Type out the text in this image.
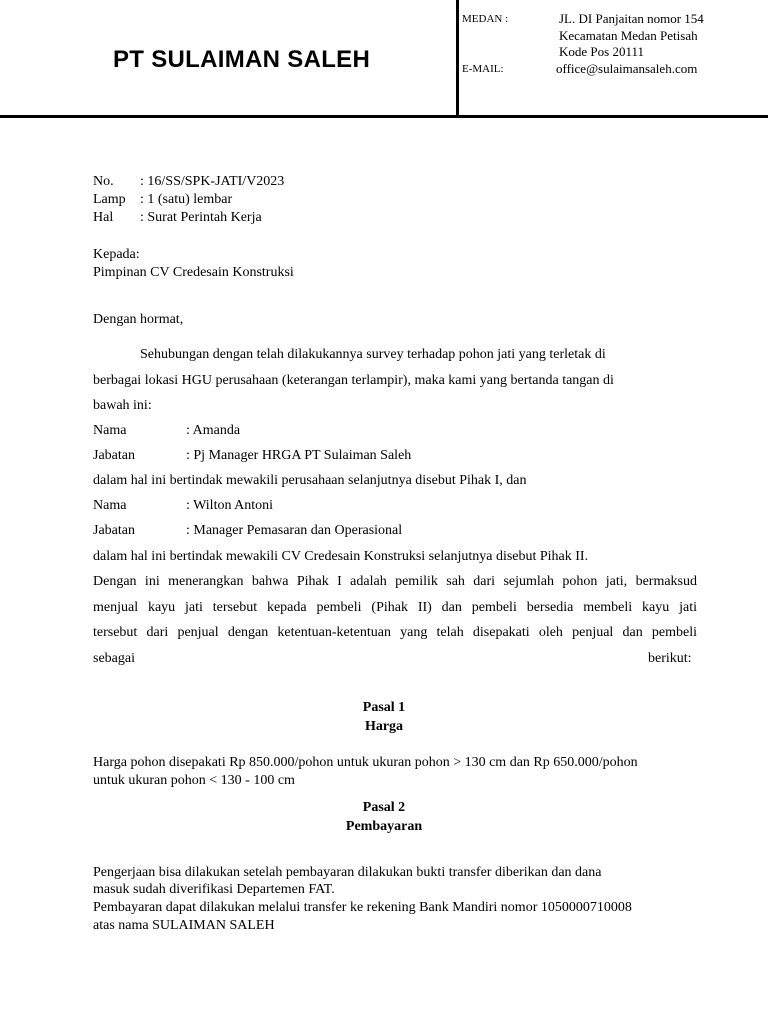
PT SULAIMAN SALEH
MEDAN :	JL. DI Panjaitan nomor 154
Kecamatan Medan Petisah
Kode Pos 20111
E-MAIL:	office@sulaimansaleh.com
No. : 16/SS/SPK-JATI/V2023
Lamp : 1 (satu) lembar
Hal : Surat Perintah Kerja
Kepada:
Pimpinan CV Credesain Konstruksi
Dengan hormat,
Sehubungan dengan telah dilakukannya survey terhadap pohon jati yang terletak di
berbagai lokasi HGU perusahaan (keterangan terlampir), maka kami yang bertanda tangan di
bawah ini:
Nama	: Amanda
Jabatan	: Pj Manager HRGA PT Sulaiman Saleh
dalam hal ini bertindak mewakili perusahaan selanjutnya disebut Pihak I, dan
Nama	: Wilton Antoni
Jabatan	: Manager Pemasaran dan Operasional
dalam hal ini bertindak mewakili CV Credesain Konstruksi selanjutnya disebut Pihak II.
Dengan ini menerangkan bahwa Pihak I adalah pemilik sah dari sejumlah pohon jati, bermaksud
menjual kayu jati tersebut kepada pembeli (Pihak II) dan pembeli bersedia membeli kayu jati
tersebut dari penjual dengan ketentuan-ketentuan yang telah disepakati oleh penjual dan pembeli
sebagai	berikut:
Pasal 1
Harga
Harga pohon disepakati Rp 850.000/pohon untuk ukuran pohon > 130 cm dan Rp 650.000/pohon
untuk ukuran pohon < 130 - 100 cm
Pasal 2
Pembayaran
Pengerjaan bisa dilakukan setelah pembayaran dilakukan bukti transfer diberikan dan dana
masuk sudah diverifikasi Departemen FAT.
Pembayaran dapat dilakukan melalui transfer ke rekening Bank Mandiri nomor 1050000710008
atas nama SULAIMAN SALEH
